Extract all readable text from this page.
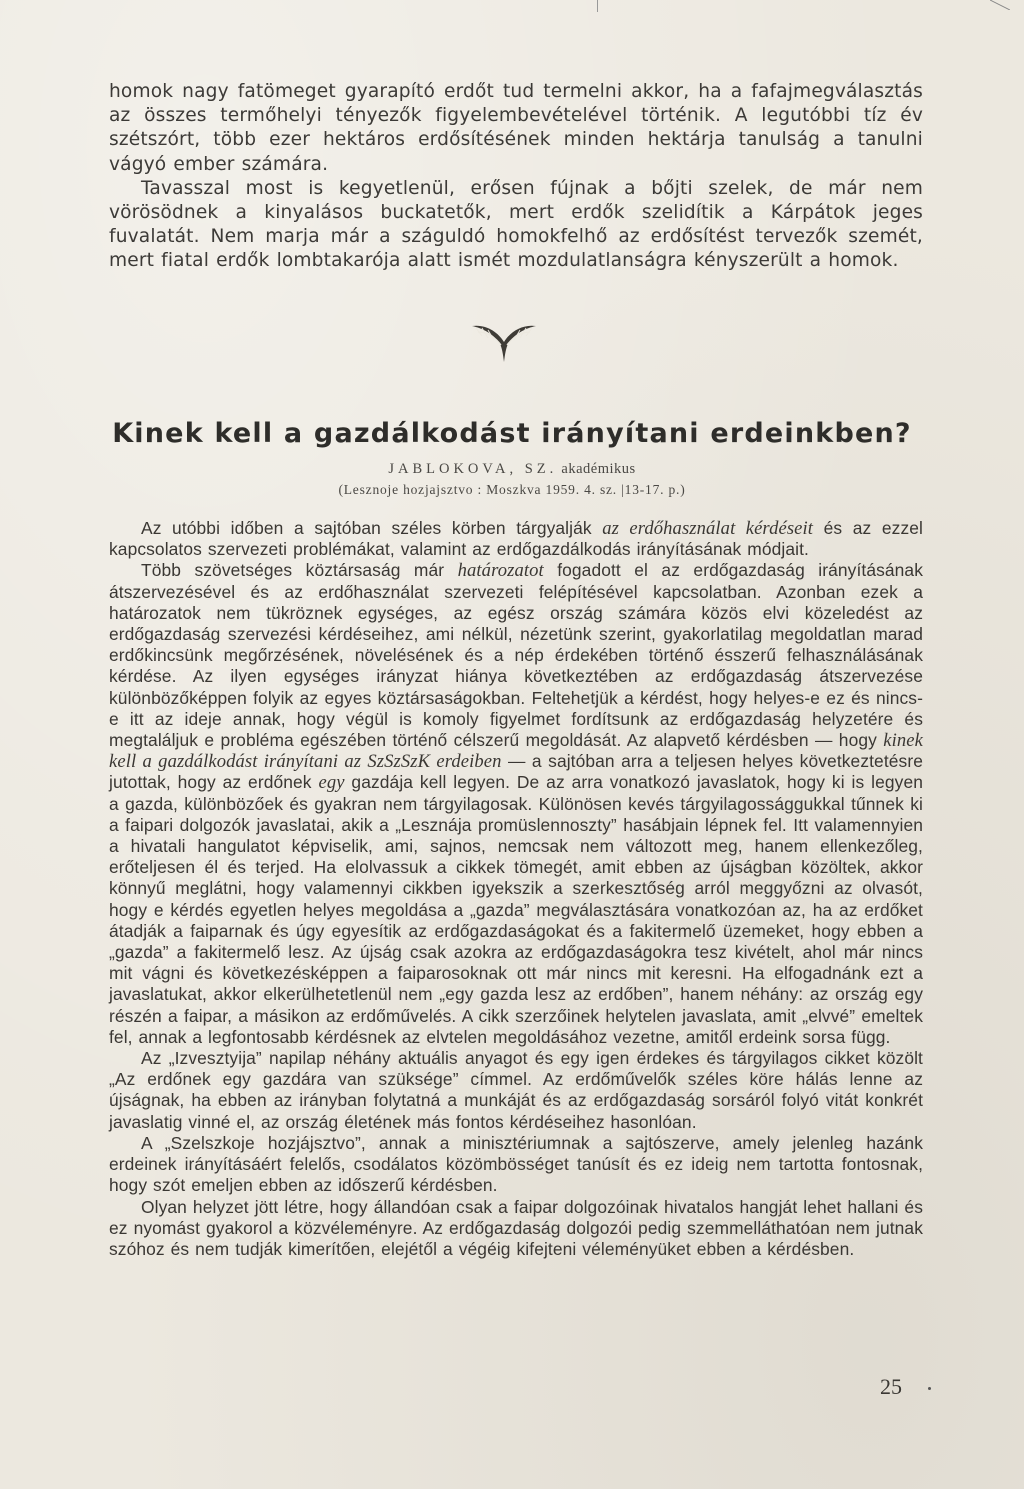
homok nagy fatömeget gyarapító erdőt tud termelni akkor, ha a fafajmegválasztás az összes termőhelyi tényezők figyelembevételével történik. A legutóbbi tíz év szétszórt, több ezer hektáros erdősítésének minden hektárja tanulság a tanulni vágyó ember számára.

Tavasszal most is kegyetlenül, erősen fújnak a bőjti szelek, de már nem vörösödnek a kinyalásos buckatetők, mert erdők szelidítik a Kárpátok jeges fuvalatát. Nem marja már a száguldó homokfelhő az erdősítést tervezők szemét, mert fiatal erdők lombtakarója alatt ismét mozdulatlanságra kényszerült a homok.

Kinek kell a gazdálkodást irányítani erdeinkben?
JABLOKOVA, SZ. akadémikus
(Lesznoje hozjajsztvo : Moszkva 1959. 4. sz. |13-17. p.)

Az utóbbi időben a sajtóban széles körben tárgyalják az erdőhasználat kérdéseit és az ezzel kapcsolatos szervezeti problémákat, valamint az erdőgazdálkodás irányításának módjait.

Több szövetséges köztársaság már határozatot fogadott el az erdőgazdaság irányításának átszervezésével és az erdőhasználat szervezeti felépítésével kapcsolatban. Azonban ezek a határozatok nem tükröznek egységes, az egész ország számára közös elvi közeledést az erdőgazdaság szervezési kérdéseihez, ami nélkül, nézetünk szerint, gyakorlatilag megoldatlan marad erdőkincsünk megőrzésének, növelésének és a nép érdekében történő ésszerű felhasználásának kérdése. Az ilyen egységes irányzat hiánya következtében az erdőgazdaság átszervezése különbözőképpen folyik az egyes köztársaságokban. Feltehetjük a kérdést, hogy helyes-e ez és nincs-e itt az ideje annak, hogy végül is komoly figyelmet fordítsunk az erdőgazdaság helyzetére és megtaláljuk e probléma egészében történő célszerű megoldását. Az alapvető kérdésben — hogy kinek kell a gazdálkodást irányítani az SzSzSzK erdeiben — a sajtóban arra a teljesen helyes következtetésre jutottak, hogy az erdőnek egy gazdája kell legyen. De az arra vonatkozó javaslatok, hogy ki is legyen a gazda, különbözőek és gyakran nem tárgyilagosak. Különösen kevés tárgyilagossággukkal tűnnek ki a faipari dolgozók javaslatai, akik a „Lesznája promüslennoszty” hasábjain lépnek fel. Itt valamennyien a hivatali hangulatot képviselik, ami, sajnos, nemcsak nem változott meg, hanem ellenkezőleg, erőteljesen él és terjed. Ha elolvassuk a cikkek tömegét, amit ebben az újságban közöltek, akkor könnyű meglátni, hogy valamennyi cikkben igyekszik a szerkesztőség arról meggyőzni az olvasót, hogy e kérdés egyetlen helyes megoldása a „gazda” megválasztására vonatkozóan az, ha az erdőket átadják a faiparnak és úgy egyesítik az erdőgazdaságokat és a fakitermelő üzemeket, hogy ebben a „gazda” a fakitermelő lesz. Az újság csak azokra az erdőgazdaságokra tesz kivételt, ahol már nincs mit vágni és következésképpen a faiparosoknak ott már nincs mit keresni. Ha elfogadnánk ezt a javaslatukat, akkor elkerülhetetlenül nem „egy gazda lesz az erdőben”, hanem néhány: az ország egy részén a faipar, a másikon az erdőművelés. A cikk szerzőinek helytelen javaslata, amit „elvvé” emeltek fel, annak a legfontosabb kérdésnek az elvtelen megoldásához vezetne, amitől erdeink sorsa függ.

Az „Izvesztyija” napilap néhány aktuális anyagot és egy igen érdekes és tárgyilagos cikket közölt „Az erdőnek egy gazdára van szüksége” címmel. Az erdőművelők széles köre hálás lenne az újságnak, ha ebben az irányban folytatná a munkáját és az erdőgazdaság sorsáról folyó vitát konkrét javaslatig vinné el, az ország életének más fontos kérdéseihez hasonlóan.

A „Szelszkoje hozjájsztvo”, annak a minisztériumnak a sajtószerve, amely jelenleg hazánk erdeinek irányításáért felelős, csodálatos közömbösséget tanúsít és ez ideig nem tartotta fontosnak, hogy szót emeljen ebben az időszerű kérdésben.

Olyan helyzet jött létre, hogy állandóan csak a faipar dolgozóinak hivatalos hangját lehet hallani és ez nyomást gyakorol a közvéleményre. Az erdőgazdaság dolgozói pedig szemmelláthatóan nem jutnak szóhoz és nem tudják kimerítően, elejétől a végéig kifejteni véleményüket ebben a kérdésben.

25
